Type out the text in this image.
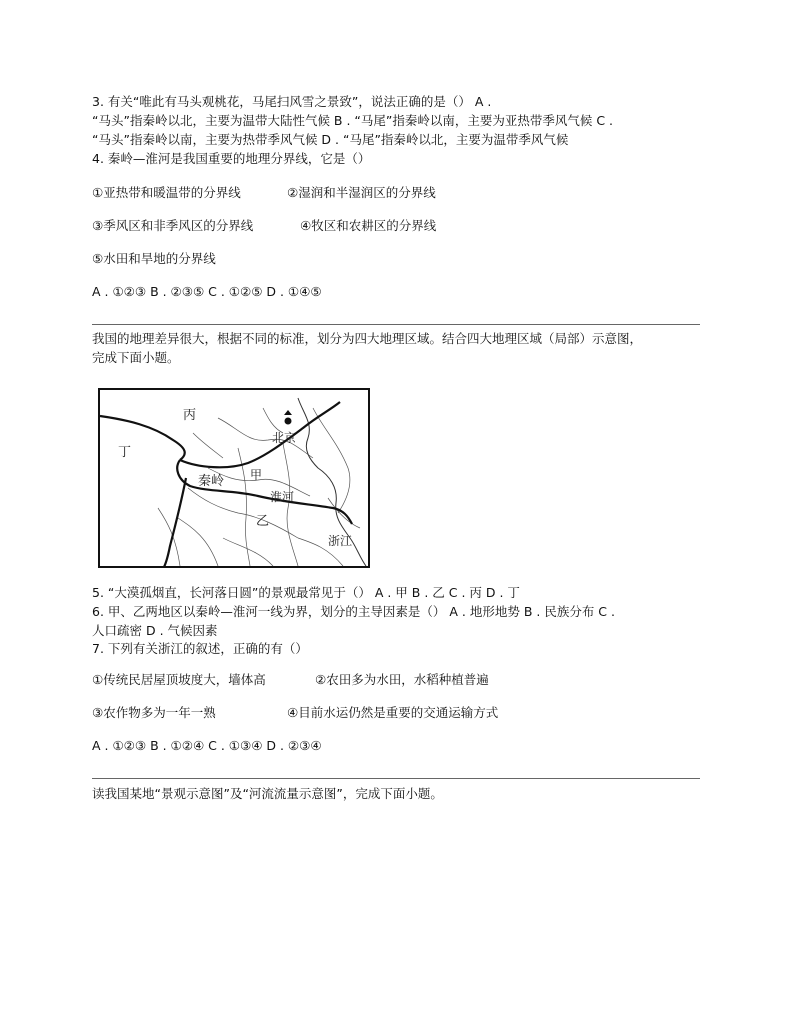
3. 有关“唯此有马头观桃花，马尾扫风雪之景致”，说法正确的是（） A .
“马头”指秦岭以北，主要为温带大陆性气候 B . “马尾”指秦岭以南，主要为亚热带季风气候 C .
“马头”指秦岭以南，主要为热带季风气候 D . “马尾”指秦岭以北，主要为温带季风气候
4. 秦岭—淮河是我国重要的地理分界线，它是（）
①亚热带和暖温带的分界线	②湿润和半湿润区的分界线
③季风区和非季风区的分界线	④牧区和农耕区的分界线
⑤水田和旱地的分界线
A . ①②③ B . ②③⑤ C . ①②⑤ D . ①④⑤
我国的地理差异很大，根据不同的标准，划分为四大地理区域。结合四大地理区域（局部）示意图，
完成下面小题。
丙
丁
北京
甲
秦岭
淮河
乙
浙江
5. “大漠孤烟直，长河落日圆”的景观最常见于（） A . 甲 B . 乙 C . 丙 D . 丁
6. 甲、乙两地区以秦岭—淮河一线为界，划分的主导因素是（） A . 地形地势 B . 民族分布 C .
人口疏密 D . 气候因素
7. 下列有关浙江的叙述，正确的有（）
①传统民居屋顶坡度大，墙体高	②农田多为水田，水稻种植普遍
③农作物多为一年一熟	④目前水运仍然是重要的交通运输方式
A . ①②③ B . ①②④ C . ①③④ D . ②③④
读我国某地“景观示意图”及“河流流量示意图”，完成下面小题。
